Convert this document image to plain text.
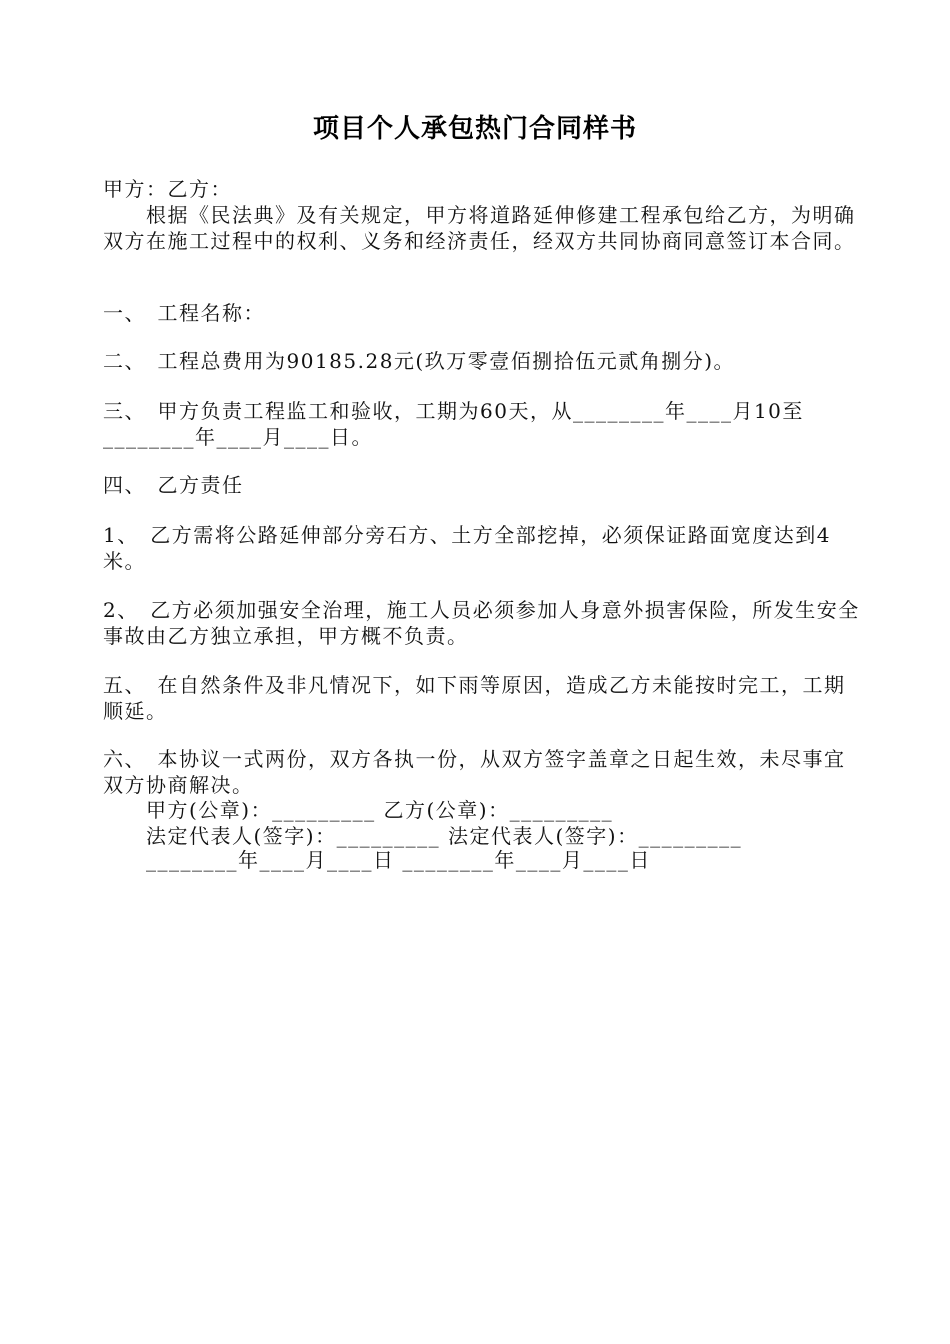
项目个人承包热门合同样书
甲方：乙方：
　　根据《民法典》及有关规定，甲方将道路延伸修建工程承包给乙方，为明确双方在施工过程中的权利、义务和经济责任，经双方共同协商同意签订本合同。
一、　工程名称：
二、　工程总费用为90185.28元(玖万零壹佰捌拾伍元贰角捌分)。
三、　甲方负责工程监工和验收，工期为60天，从________年____月10至________年____月____日。
四、　乙方责任
1、　乙方需将公路延伸部分旁石方、土方全部挖掉，必须保证路面宽度达到4米。
2、　乙方必须加强安全治理，施工人员必须参加人身意外损害保险，所发生安全事故由乙方独立承担，甲方概不负责。
五、　在自然条件及非凡情况下，如下雨等原因，造成乙方未能按时完工，工期顺延。
六、　本协议一式两份，双方各执一份，从双方签字盖章之日起生效，未尽事宜双方协商解决。
　　甲方(公章)：_________ 乙方(公章)：_________
　　法定代表人(签字)：_________ 法定代表人(签字)：_________
　　________年____月____日 ________年____月____日
